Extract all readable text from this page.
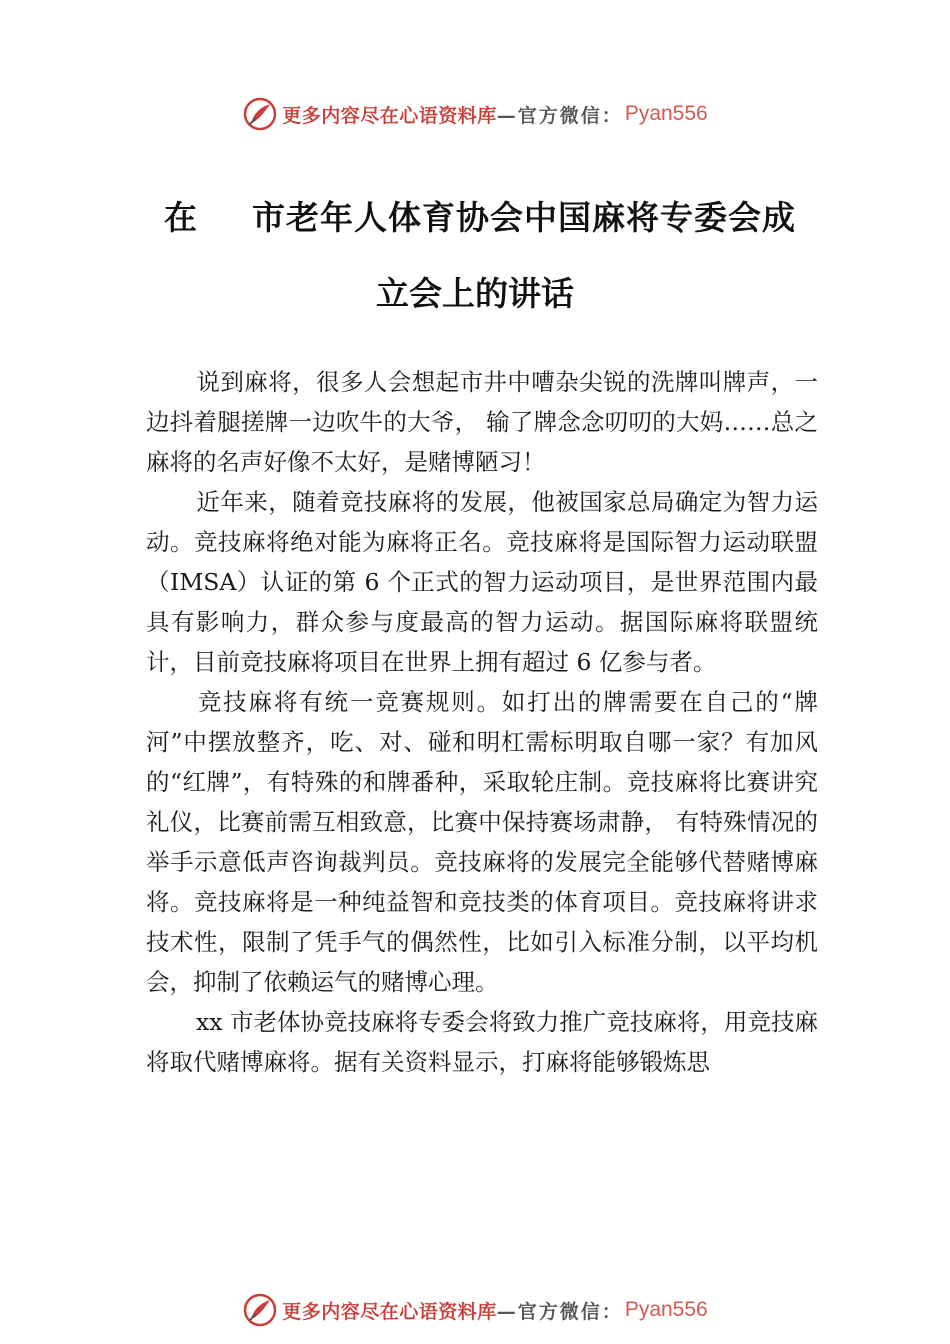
更多内容尽在心语资料库 —官方微信： Pyan556
在 市老年人体育协会中国麻将专委会成
立会上的讲话

说到麻将，很多人会想起市井中嘈杂尖锐的洗牌叫牌声，一边抖着腿搓牌一边吹牛的大爷， 输了牌念念叨叨的大妈……总之麻将的名声好像不太好，是赌博陋习！

近年来，随着竞技麻将的发展，他被国家总局确定为智力运动。竞技麻将绝对能为麻将正名。竞技麻将是国际智力运动联盟（IMSA）认证的第 6 个正式的智力运动项目，是世界范围内最具有影响力，群众参与度最高的智力运动。据国际麻将联盟统计，目前竞技麻将项目在世界上拥有超过 6 亿参与者。

竞技麻将有统一竞赛规则。如打出的牌需要在自己的“牌河”中摆放整齐，吃、对、碰和明杠需标明取自哪一家？有加风的“红牌”，有特殊的和牌番种，采取轮庄制。竞技麻将比赛讲究礼仪，比赛前需互相致意，比赛中保持赛场肃静， 有特殊情况的举手示意低声咨询裁判员。竞技麻将的发展完全能够代替赌博麻将。竞技麻将是一种纯益智和竞技类的体育项目。竞技麻将讲求技术性，限制了凭手气的偶然性，比如引入标准分制，以平均机会，抑制了依赖运气的赌博心理。

xx 市老体协竞技麻将专委会将致力推广竞技麻将，用竞技麻将取代赌博麻将。据有关资料显示，打麻将能够锻炼思

更多内容尽在心语资料库 —官方微信： Pyan556
